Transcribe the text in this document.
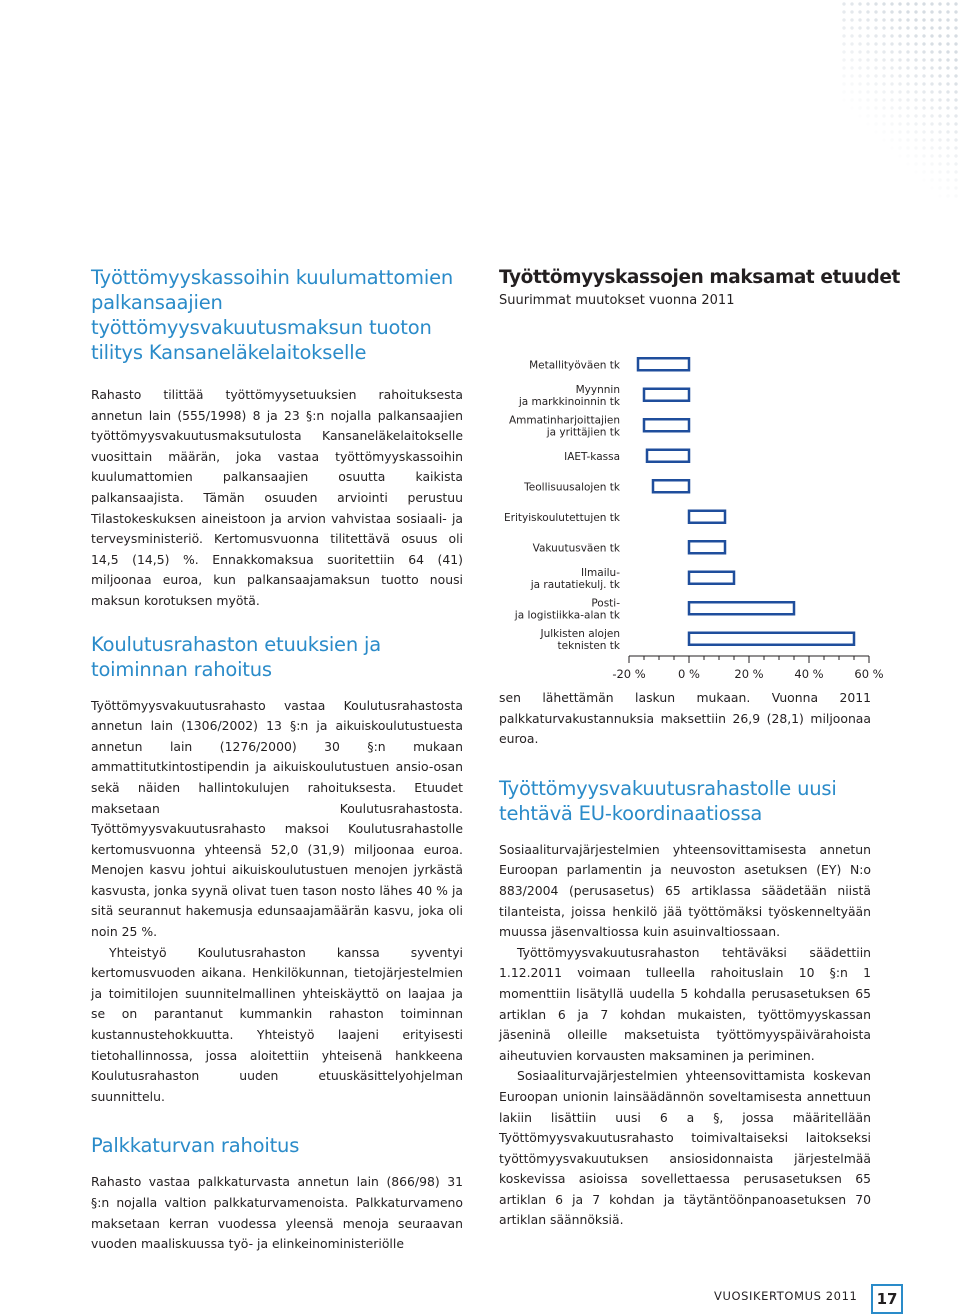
Työttömyyskassoihin kuulumattomien palkansaajien työttömyysvakuutusmaksun tuoton tilitys Kansaneläkelaitokselle

Rahasto tilittää työttömyysetuuksien rahoituksesta annetun lain (555/1998) 8 ja 23 §:n nojalla palkansaajien työttömyysvakuutusmaksutulosta Kansaneläkelaitokselle vuosittain määrän, joka vastaa työttömyyskassoihin kuulumattomien palkansaajien osuutta kaikista palkansaajista. Tämän osuuden arviointi perustuu Tilastokeskuksen aineistoon ja arvion vahvistaa sosiaali- ja terveysministeriö. Kertomusvuonna tilitettävä osuus oli 14,5 (14,5) %. Ennakkomaksua suoritettiin 64 (41) miljoonaa euroa, kun palkansaajamaksun tuotto nousi maksun korotuksen myötä.

Koulutusrahaston etuuksien ja toiminnan rahoitus

Työttömyysvakuutusrahasto vastaa Koulutusrahastosta annetun lain (1306/2002) 13 §:n ja aikuiskoulutustuesta annetun lain (1276/2000) 30 §:n mukaan ammattitutkintostipendin ja aikuiskoulutustuen ansio-osan sekä näiden hallintokulujen rahoituksesta. Etuudet maksetaan Koulutusrahastosta. Työttömyysvakuutusrahasto maksoi Koulutusrahastolle kertomusvuonna yhteensä 52,0 (31,9) miljoonaa euroa. Menojen kasvu johtui aikuiskoulutustuen menojen jyrkästä kasvusta, jonka syynä olivat tuen tason nosto lähes 40 % ja sitä seurannut hakemusja edunsaajamäärän kasvu, joka oli noin 25 %.

Yhteistyö Koulutusrahaston kanssa syventyi kertomusvuoden aikana. Henkilökunnan, tietojärjestelmien ja toimitilojen suunnitelmallinen yhteiskäyttö on laajaa ja se on parantanut kummankin rahaston toiminnan kustannustehokkuutta. Yhteistyö laajeni erityisesti tietohallinnossa, jossa aloitettiin yhteisenä hankkeena Koulutusrahaston uuden etuuskäsittelyohjelman suunnittelu.

Palkkaturvan rahoitus

Rahasto vastaa palkkaturvasta annetun lain (866/98) 31 §:n nojalla valtion palkkaturvamenoista. Palkkaturvameno maksetaan kerran vuodessa yleensä menoja seuraavan vuoden maaliskuussa työ- ja elinkeinoministeriölle

Työttömyyskassojen maksamat etuudet

Suurimmat muutokset vuonna 2011

Metallityöväen tk
Myynnin
ja markkinoinnin tk
Ammatinharjoittajien
ja yrittäjien tk
IAET-kassa
Teollisuusalojen tk
Erityiskoulutettujen tk
Vakuutusväen tk
Ilmailu-
ja rautatiekulj. tk
Posti-
ja logistiikka-alan tk
Julkisten alojen
teknisten tk
-20 %	0 %	20 %	40 %	60 %

sen lähettämän laskun mukaan. Vuonna 2011 palkkaturvakustannuksia maksettiin 26,9 (28,1) miljoonaa euroa.

Työttömyysvakuutusrahastolle uusi tehtävä EU-koordinaatiossa

Sosiaaliturvajärjestelmien yhteensovittamisesta annetun Euroopan parlamentin ja neuvoston asetuksen (EY) N:o 883/2004 (perusasetus) 65 artiklassa säädetään niistä tilanteista, joissa henkilö jää työttömäksi työskenneltyään muussa jäsenvaltiossa kuin asuinvaltiossaan.

Työttömyysvakuutusrahaston tehtäväksi säädettiin 1.12.2011 voimaan tulleella rahoituslain 10 §:n 1 momenttiin lisätyllä uudella 5 kohdalla perusasetuksen 65 artiklan 6 ja 7 kohdan mukaisten, työttömyyskassan jäseninä olleille maksetuista työttömyyspäivärahoista aiheutuvien korvausten maksaminen ja periminen.

Sosiaaliturvajärjestelmien yhteensovittamista koskevan Euroopan unionin lainsäädännön soveltamisesta annettuun lakiin lisättiin uusi 6 a §, jossa määritellään Työttömyysvakuutusrahasto toimivaltaiseksi laitokseksi työttömyysvakuutuksen ansiosidonnaista järjestelmää koskevissa asioissa sovellettaessa perusasetuksen 65 artiklan 6 ja 7 kohdan ja täytäntöönpanoasetuksen 70 artiklan säännöksiä.

VUOSIKERTOMUS 2011	17
